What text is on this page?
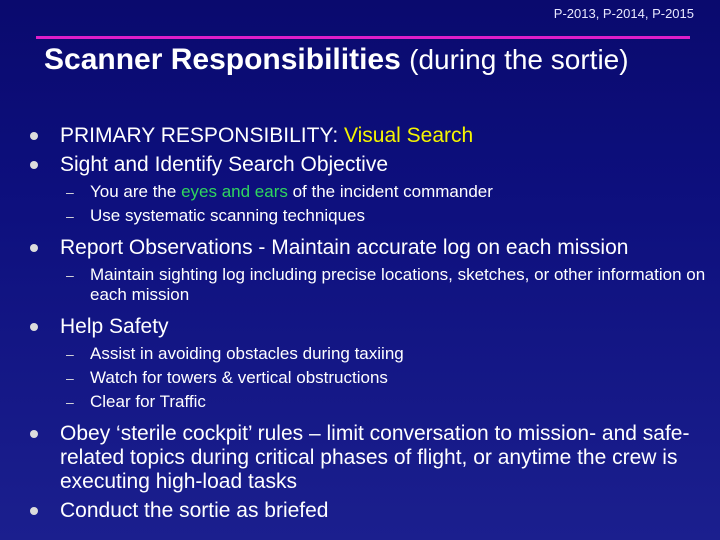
P-2013, P-2014, P-2015
Scanner Responsibilities (during the sortie)
PRIMARY RESPONSIBILITY: Visual Search
Sight and Identify Search Objective
– You are the eyes and ears of the incident commander
– Use systematic scanning techniques
Report Observations - Maintain accurate log on each mission
– Maintain sighting log including precise locations, sketches, or other information on each mission
Help Safety
– Assist in avoiding obstacles during taxiing
– Watch for towers & vertical obstructions
– Clear for Traffic
Obey ‘sterile cockpit’ rules – limit conversation to mission- and safe-related topics during critical phases of flight, or anytime the crew is executing high-load tasks
Conduct the sortie as briefed
